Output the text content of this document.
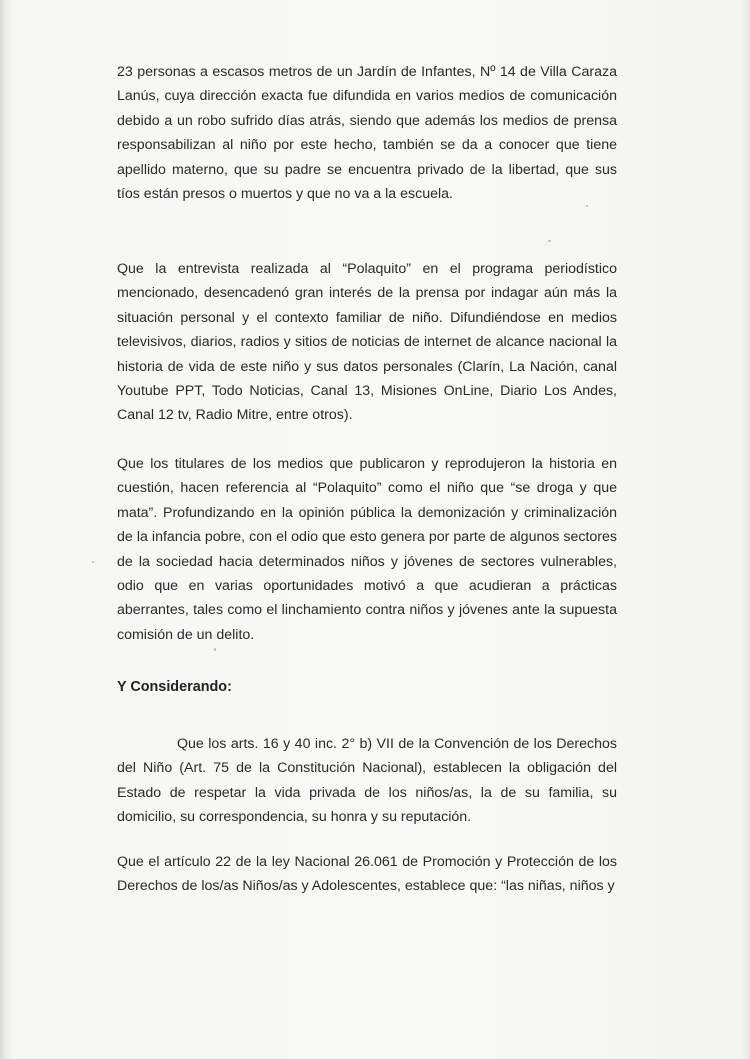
23 personas a escasos metros de un Jardín de Infantes, Nº 14 de Villa Caraza Lanús, cuya dirección exacta fue difundida en varios medios de comunicación debido a un robo sufrido días atrás, siendo que además los medios de prensa responsabilizan al niño por este hecho, también se da a conocer que tiene apellido materno, que su padre se encuentra privado de la libertad, que sus tíos están presos o muertos y que no va a la escuela.

Que la entrevista realizada al “Polaquito” en el programa periodístico mencionado, desencadenó gran interés de la prensa por indagar aún más la situación personal y el contexto familiar de niño. Difundiéndose en medios televisivos, diarios, radios y sitios de noticias de internet de alcance nacional la historia de vida de este niño y sus datos personales (Clarín, La Nación, canal Youtube PPT, Todo Noticias, Canal 13, Misiones OnLine, Diario Los Andes, Canal 12 tv, Radio Mitre, entre otros).

Que los titulares de los medios que publicaron y reprodujeron la historia en cuestión, hacen referencia al “Polaquito” como el niño que “se droga y que mata”. Profundizando en la opinión pública la demonización y criminalización de la infancia pobre, con el odio que esto genera por parte de algunos sectores de la sociedad hacia determinados niños y jóvenes de sectores vulnerables, odio que en varias oportunidades motivó a que acudieran a prácticas aberrantes, tales como el linchamiento contra niños y jóvenes ante la supuesta comisión de un delito.

Y Considerando:

Que los arts. 16 y 40 inc. 2° b) VII de la Convención de los Derechos del Niño (Art. 75 de la Constitución Nacional), establecen la obligación del Estado de respetar la vida privada de los niños/as, la de su familia, su domicilio, su correspondencia, su honra y su reputación.

Que el artículo 22 de la ley Nacional 26.061 de Promoción y Protección de los Derechos de los/as Niños/as y Adolescentes, establece que: “las niñas, niños y
